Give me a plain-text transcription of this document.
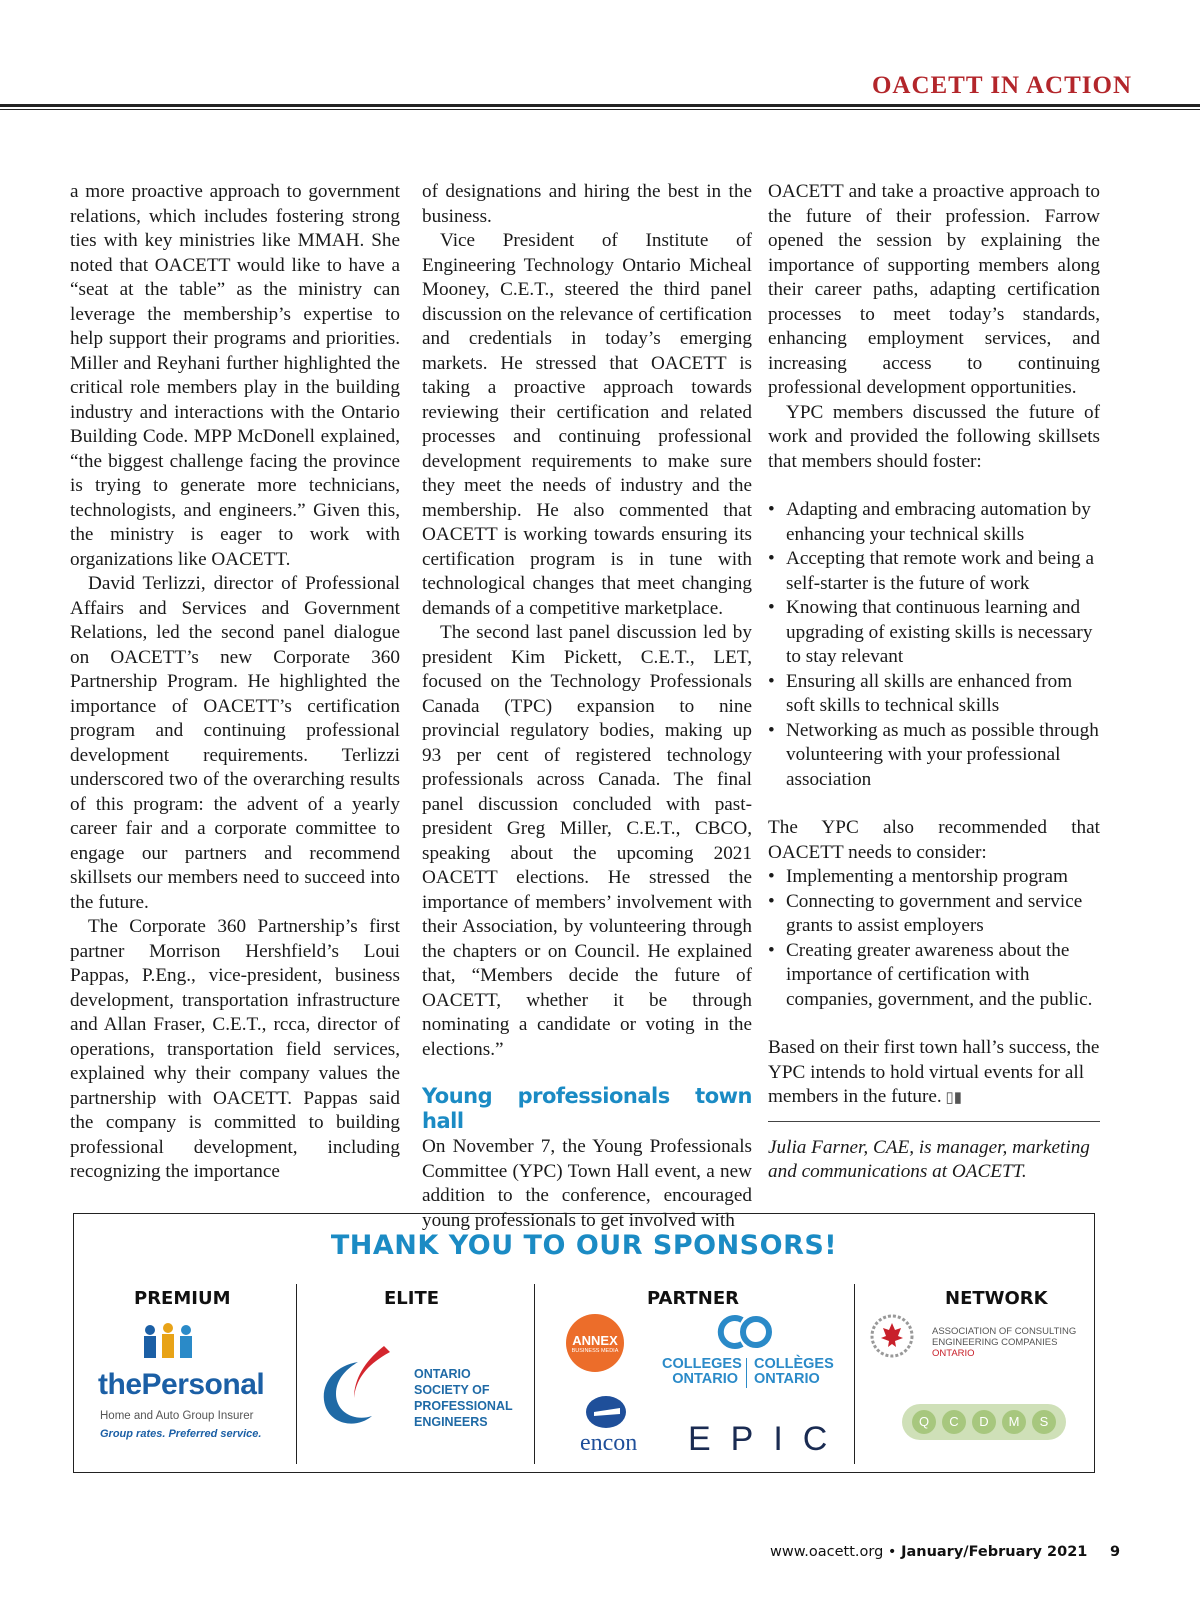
OACETT IN ACTION

a more proactive approach to government relations, which includes fostering strong ties with key ministries like MMAH. She noted that OACETT would like to have a “seat at the table” as the ministry can leverage the membership’s expertise to help support their programs and priorities. Miller and Reyhani further highlighted the critical role members play in the building industry and interactions with the Ontario Building Code. MPP McDonell explained, “the biggest challenge facing the province is trying to generate more technicians, technologists, and engineers.” Given this, the ministry is eager to work with organizations like OACETT.

David Terlizzi, director of Professional Affairs and Services and Government Relations, led the second panel dialogue on OACETT’s new Corporate 360 Partnership Program. He highlighted the importance of OACETT’s certification program and continuing professional development requirements. Terlizzi underscored two of the overarching results of this program: the advent of a yearly career fair and a corporate committee to engage our partners and recommend skillsets our members need to succeed into the future.

The Corporate 360 Partnership’s first partner Morrison Hershfield’s Loui Pappas, P.Eng., vice-president, business development, transportation infrastructure and Allan Fraser, C.E.T., rcca, director of operations, transportation field services, explained why their company values the partnership with OACETT. Pappas said the company is committed to building professional development, including recognizing the importance

of designations and hiring the best in the business.

Vice President of Institute of Engineering Technology Ontario Micheal Mooney, C.E.T., steered the third panel discussion on the relevance of certification and credentials in today’s emerging markets. He stressed that OACETT is taking a proactive approach towards reviewing their certification and related processes and continuing professional development requirements to make sure they meet the needs of industry and the membership. He also commented that OACETT is working towards ensuring its certification program is in tune with technological changes that meet changing demands of a competitive marketplace.

The second last panel discussion led by president Kim Pickett, C.E.T., LET, focused on the Technology Professionals Canada (TPC) expansion to nine provincial regulatory bodies, making up 93 per cent of registered technology professionals across Canada. The final panel discussion concluded with past-president Greg Miller, C.E.T., CBCO, speaking about the upcoming 2021 OACETT elections. He stressed the importance of members’ involvement with their Association, by volunteering through the chapters or on Council. He explained that, “Members decide the future of OACETT, whether it be through nominating a candidate or voting in the elections.”

Young professionals town hall

On November 7, the Young Professionals Committee (YPC) Town Hall event, a new addition to the conference, encouraged young professionals to get involved with

OACETT and take a proactive approach to the future of their profession. Farrow opened the session by explaining the importance of supporting members along their career paths, adapting certification processes to meet today’s standards, enhancing employment services, and increasing access to continuing professional development opportunities.

YPC members discussed the future of work and provided the following skillsets that members should foster:

• Adapting and embracing automation by enhancing your technical skills
• Accepting that remote work and being a self-starter is the future of work
• Knowing that continuous learning and upgrading of existing skills is necessary to stay relevant
• Ensuring all skills are enhanced from soft skills to technical skills
• Networking as much as possible through volunteering with your professional association

The YPC also recommended that OACETT needs to consider:

• Implementing a mentorship program
• Connecting to government and service grants to assist employers
• Creating greater awareness about the importance of certification with companies, government, and the public.

Based on their first town hall’s success, the YPC intends to hold virtual events for all members in the future. ▯▮

Julia Farner, CAE, is manager, marketing and communications at OACETT.

THANK YOU TO OUR SPONSORS!
PREMIUM	ELITE	PARTNER	NETWORK
thePersonal
Home and Auto Group Insurer
Group rates. Preferred service.
ONTARIO
SOCIETY OF
PROFESSIONAL
ENGINEERS
ANNEX
BUSINESS MEDIA
COLLEGES
ONTARIO
COLLÈGES
ONTARIO
encon EPIC
ASSOCIATION OF CONSULTING
ENGINEERING COMPANIES
ONTARIO
Q	C	D	M	S
www.oacett.org • January/February 2021 9
